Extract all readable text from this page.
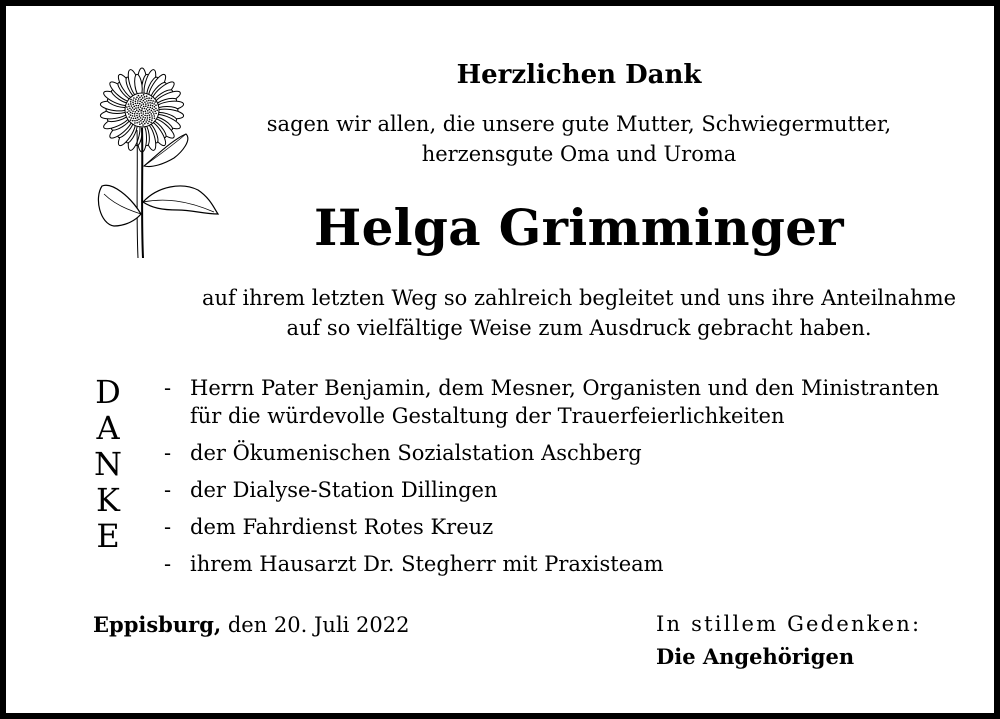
Herzlichen Dank
sagen wir allen, die unsere gute Mutter, Schwiegermutter,
herzensgute Oma und Uroma
Helga Grimminger
auf ihrem letzten Weg so zahlreich begleitet und uns ihre Anteilnahme
auf so vielfältige Weise zum Ausdruck gebracht haben.
D
A
N
K
E
- Herrn Pater Benjamin, dem Mesner, Organisten und den Ministranten
für die würdevolle Gestaltung der Trauerfeierlichkeiten
- der Ökumenischen Sozialstation Aschberg
- der Dialyse-Station Dillingen
- dem Fahrdienst Rotes Kreuz
- ihrem Hausarzt Dr. Stegherr mit Praxisteam
Eppisburg, den 20. Juli 2022	In stillem Gedenken:
Die Angehörigen
